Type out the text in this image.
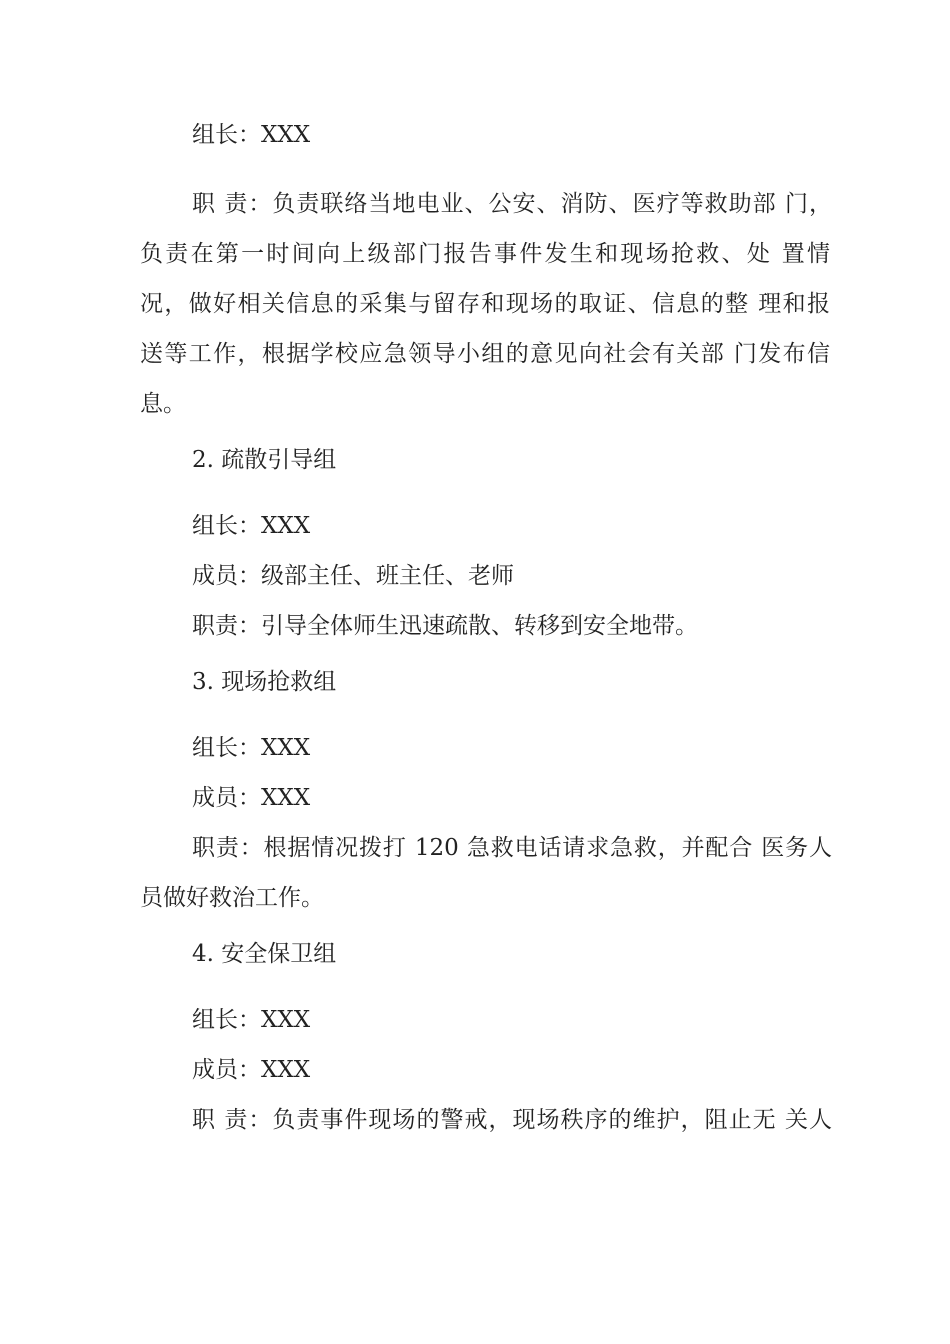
组长：XXX
职 责：负责联络当地电业、公安、消防、医疗等救助部 门，
负责在第一时间向上级部门报告事件发生和现场抢救、处 置情
况，做好相关信息的采集与留存和现场的取证、信息的整 理和报
送等工作，根据学校应急领导小组的意见向社会有关部 门发布信
息。
2. 疏散引导组
组长：XXX
成员：级部主任、班主任、老师
职责：引导全体师生迅速疏散、转移到安全地带。
3. 现场抢救组
组长：XXX
成员：XXX
职责：根据情况拨打 120 急救电话请求急救，并配合 医务人
员做好救治工作。
4. 安全保卫组
组长：XXX
成员：XXX
职 责：负责事件现场的警戒，现场秩序的维护，阻止无 关人
